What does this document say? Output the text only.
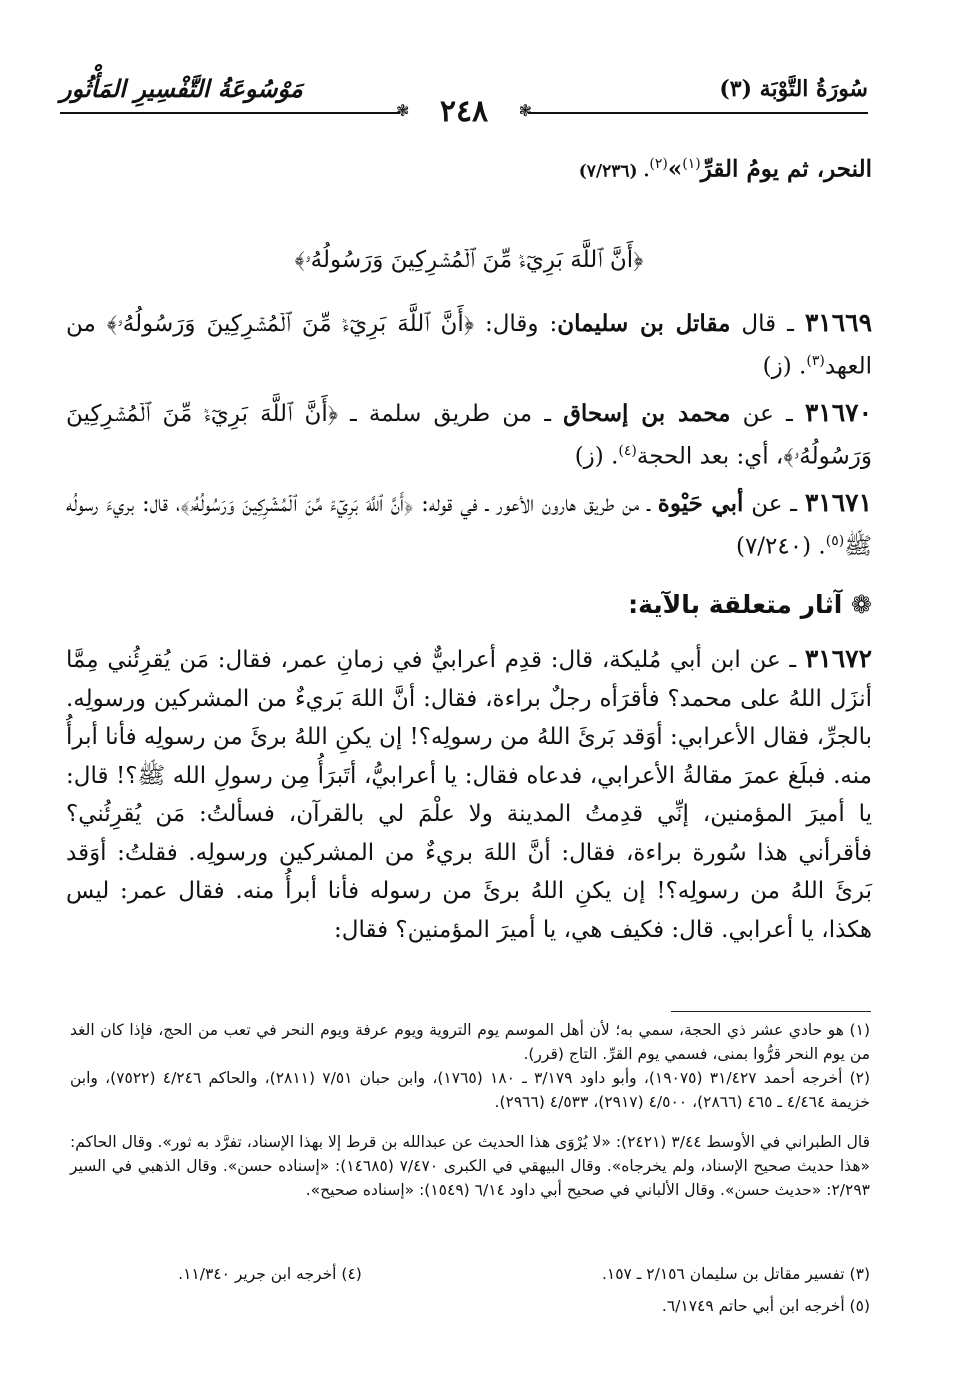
سُورَةُ التَّوْبَة (٣)
مَوْسُوعَةُ التَّفْسِيرِ المَأْثُور
❃
❃ ٢٤٨
النحر، ثم يومُ القرِّ$^{(١)}$»$^{(٢)}$. (٧/٢٣٦)
﴿أَنَّ ٱللَّهَ بَرِيٓءٞ مِّنَ ٱلۡمُشۡرِكِينَ وَرَسُولُهُۥ﴾
٣١٦٦٩ ـ قال مقاتل بن سليمان: وقال: ﴿أَنَّ ٱللَّهَ بَرِيٓءٞ مِّنَ ٱلۡمُشۡرِكِينَ وَرَسُولُهُۥ﴾ من العهد$^{(٣)}$. (ز)
٣١٦٧٠ ـ عن محمد بن إسحاق ـ من طريق سلمة ـ ﴿أَنَّ ٱللَّهَ بَرِيٓءٞ مِّنَ ٱلۡمُشۡرِكِينَ وَرَسُولُهُۥ﴾، أي: بعد الحجة$^{(٤)}$. (ز)
٣١٦٧١ ـ عن أبي حَيْوة ـ من طريق هارون الأعور ـ في قوله: ﴿أَنَّ ٱللَّهَ بَرِيٓءٞ مِّنَ ٱلۡمُشۡرِكِينَ وَرَسُولُهُۥ﴾، قال: بريءَ رسولُه ﷺ$^{(٥)}$. (٧/٢٤٠)
❁ آثار متعلقة بالآية:
٣١٦٧٢ ـ عن ابن أبي مُليكة، قال: قدِم أعرابيٌّ في زمانِ عمر، فقال: مَن يُقرِئُني مِمَّا أنزَل اللهُ على محمد؟ فأقرَأه رجلٌ براءة، فقال: أنَّ اللهَ بَريءٌ من المشركين ورسولِه. بالجرِّ، فقال الأعرابي: أوَقد بَرئَ اللهُ من رسولِه؟! إن يكنِ اللهُ برئَ من رسولِه فأنا أبرأُ منه. فبلَغ عمرَ مقالةُ الأعرابي، فدعاه فقال: يا أعرابيُّ، أتَبرَأُ مِن رسولِ الله ﷺ؟! قال: يا أميرَ المؤمنين، إنِّي قدِمتُ المدينة ولا علْمَ لي بالقرآن، فسألتُ: مَن يُقرِئُني؟ فأقرأني هذا سُورة براءة، فقال: أنَّ اللهَ بريءٌ من المشركين ورسولِه. فقلتُ: أوَقد بَرئَ اللهُ من رسولِه؟! إن يكنِ اللهُ برئَ من رسوله فأنا أبرأُ منه. فقال عمر: ليس هكذا، يا أعرابي. قال: فكيف هي، يا أميرَ المؤمنين؟ فقال:
(١) هو حادي عشر ذي الحجة، سمي به؛ لأن أهل الموسم يوم التروية ويوم عرفة ويوم النحر في تعب من الحج، فإذا كان الغد من يوم النحر قرُّوا بمنى، فسمي يوم القرِّ. التاج (قرر).
(٢) أخرجه أحمد ٣١/٤٢٧ (١٩٠٧٥)، وأبو داود ٣/١٧٩ ـ ١٨٠ (١٧٦٥)، وابن حبان ٧/٥١ (٢٨١١)، والحاكم ٤/٢٤٦ (٧٥٢٢)، وابن خزيمة ٤/٤٦٤ ـ ٤٦٥ (٢٨٦٦)، ٤/٥٠٠ (٢٩١٧)، ٤/٥٣٣ (٢٩٦٦).
قال الطبراني في الأوسط ٣/٤٤ (٢٤٢١): «لا يُرْوَى هذا الحديث عن عبدالله بن قرط إلا بهذا الإسناد، تفرَّد به ثور». وقال الحاكم: «هذا حديث صحيح الإسناد، ولم يخرجاه». وقال البيهقي في الكبرى ٧/٤٧٠ (١٤٦٨٥): «إسناده حسن». وقال الذهبي في السير ٢/٢٩٣: «حديث حسن». وقال الألباني في صحيح أبي داود ٦/١٤ (١٥٤٩): «إسناده صحيح».
(٣) تفسير مقاتل بن سليمان ٢/١٥٦ ـ ١٥٧.
(٤) أخرجه ابن جرير ١١/٣٤٠.
(٥) أخرجه ابن أبي حاتم ٦/١٧٤٩.
